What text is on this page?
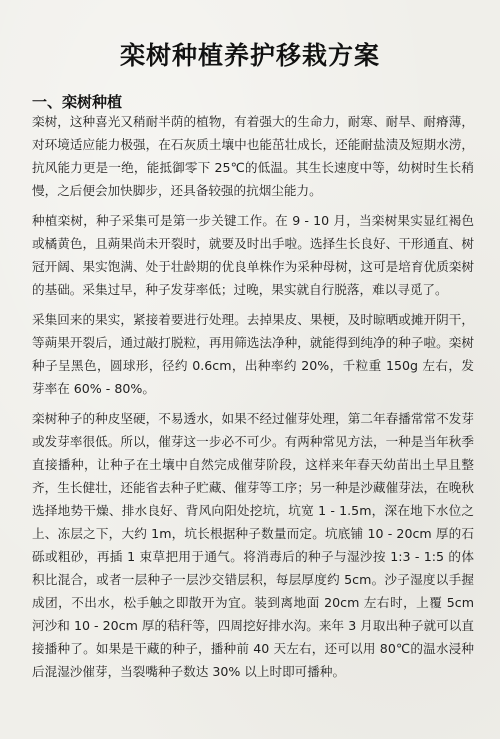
栾树种植养护移栽方案
一、栾树种植

栾树，这种喜光又稍耐半荫的植物，有着强大的生命力，耐寒、耐旱、耐瘠薄，对环境适应能力极强，在石灰质土壤中也能茁壮成长，还能耐盐渍及短期水涝，抗风能力更是一绝，能抵御零下 25℃的低温。其生长速度中等，幼树时生长稍慢，之后便会加快脚步，还具备较强的抗烟尘能力。

种植栾树，种子采集可是第一步关键工作。在 9 - 10 月，当栾树果实显红褐色或橘黄色，且蒴果尚未开裂时，就要及时出手啦。选择生长良好、干形通直、树冠开阔、果实饱满、处于壮龄期的优良单株作为采种母树，这可是培育优质栾树的基础。采集过早，种子发芽率低；过晚，果实就自行脱落，难以寻觅了。

采集回来的果实，紧接着要进行处理。去掉果皮、果梗，及时晾晒或摊开阴干，等蒴果开裂后，通过敲打脱粒，再用筛选法净种，就能得到纯净的种子啦。栾树种子呈黑色，圆球形，径约 0.6cm，出种率约 20%，千粒重 150g 左右，发芽率在 60% - 80%。

栾树种子的种皮坚硬，不易透水，如果不经过催芽处理，第二年春播常常不发芽或发芽率很低。所以，催芽这一步必不可少。有两种常见方法，一种是当年秋季直接播种，让种子在土壤中自然完成催芽阶段，这样来年春天幼苗出土早且整齐，生长健壮，还能省去种子贮藏、催芽等工序；另一种是沙藏催芽法，在晚秋选择地势干燥、排水良好、背风向阳处挖坑，坑宽 1 - 1.5m，深在地下水位之上、冻层之下，大约 1m，坑长根据种子数量而定。坑底铺 10 - 20cm 厚的石砾或粗砂，再插 1 束草把用于通气。将消毒后的种子与湿沙按 1:3 - 1:5 的体积比混合，或者一层种子一层沙交错层积，每层厚度约 5cm。沙子湿度以手握成团，不出水，松手触之即散开为宜。装到离地面 20cm 左右时，上覆 5cm 河沙和 10 - 20cm 厚的秸秆等，四周挖好排水沟。来年 3 月取出种子就可以直接播种了。如果是干藏的种子，播种前 40 天左右，还可以用 80℃的温水浸种后混湿沙催芽，当裂嘴种子数达 30% 以上时即可播种。
